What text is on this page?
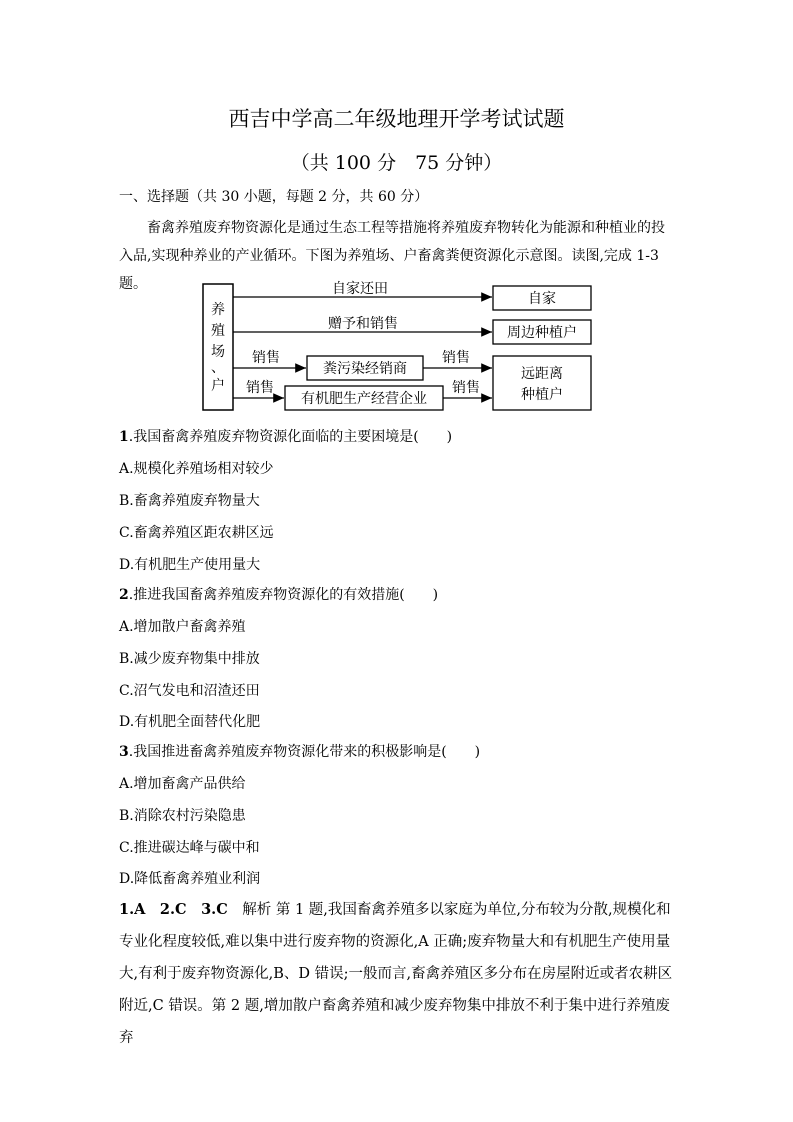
西吉中学高二年级地理开学考试试题
（共 100 分　75 分钟）
一、选择题（共 30 小题，每题 2 分，共 60 分）
畜禽养殖废弃物资源化是通过生态工程等措施将养殖废弃物转化为能源和种植业的投
入品,实现种养业的产业循环。下图为养殖场、户畜禽粪便资源化示意图。读图,完成 1-3 题。
养
殖
场
、
户
自家还田
自家
赠予和销售
周边种植户
销售
粪污染经销商
销售
销售
有机肥生产经营企业
销售
远距离
种植户
1.我国畜禽养殖废弃物资源化面临的主要困境是(　　)
A.规模化养殖场相对较少
B.畜禽养殖废弃物量大
C.畜禽养殖区距农耕区远
D.有机肥生产使用量大
2.推进我国畜禽养殖废弃物资源化的有效措施(　　)
A.增加散户畜禽养殖
B.减少废弃物集中排放
C.沼气发电和沼渣还田
D.有机肥全面替代化肥
3.我国推进畜禽养殖废弃物资源化带来的积极影响是(　　)
A.增加畜禽产品供给
B.消除农村污染隐患
C.推进碳达峰与碳中和
D.降低畜禽养殖业利润
1.A　2.C　3.C　解析 第 1 题,我国畜禽养殖多以家庭为单位,分布较为分散,规模化和专业化程度较低,难以集中进行废弃物的资源化,A 正确;废弃物量大和有机肥生产使用量大,有利于废弃物资源化,B、D 错误;一般而言,畜禽养殖区多分布在房屋附近或者农耕区附近,C 错误。第 2 题,增加散户畜禽养殖和减少废弃物集中排放不利于集中进行养殖废弃
